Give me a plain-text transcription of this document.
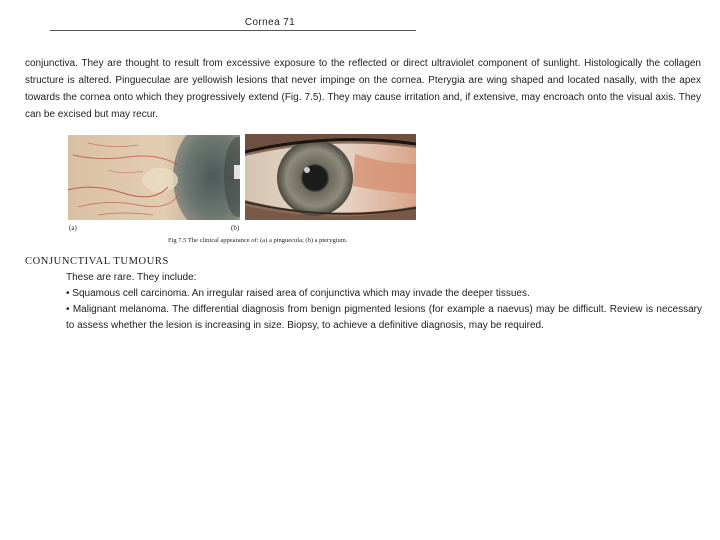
Cornea 71

conjunctiva. They are thought to result from excessive exposure to the reflected or direct ultraviolet component of sunlight. Histologically the collagen structure is altered. Pingueculae are yellowish lesions that never impinge on the cornea. Pterygia are wing shaped and located nasally, with the apex towards the cornea onto which they progressively extend (Fig. 7.5). They may cause irritation and, if extensive, may encroach onto the visual axis. They can be excised but may recur.

(a)	(b)
Fig 7.5 The clinical appearance of: (a) a pinguecula; (b) a pterygium.
CONJUNCTIVAL TUMOURS

These are rare. They include:

• Squamous cell carcinoma. An irregular raised area of conjunctiva which may invade the deeper tissues.

• Malignant melanoma. The differential diagnosis from benign pigmented lesions (for example a naevus) may be difficult. Review is necessary to assess whether the lesion is increasing in size. Biopsy, to achieve a definitive diagnosis, may be required.
